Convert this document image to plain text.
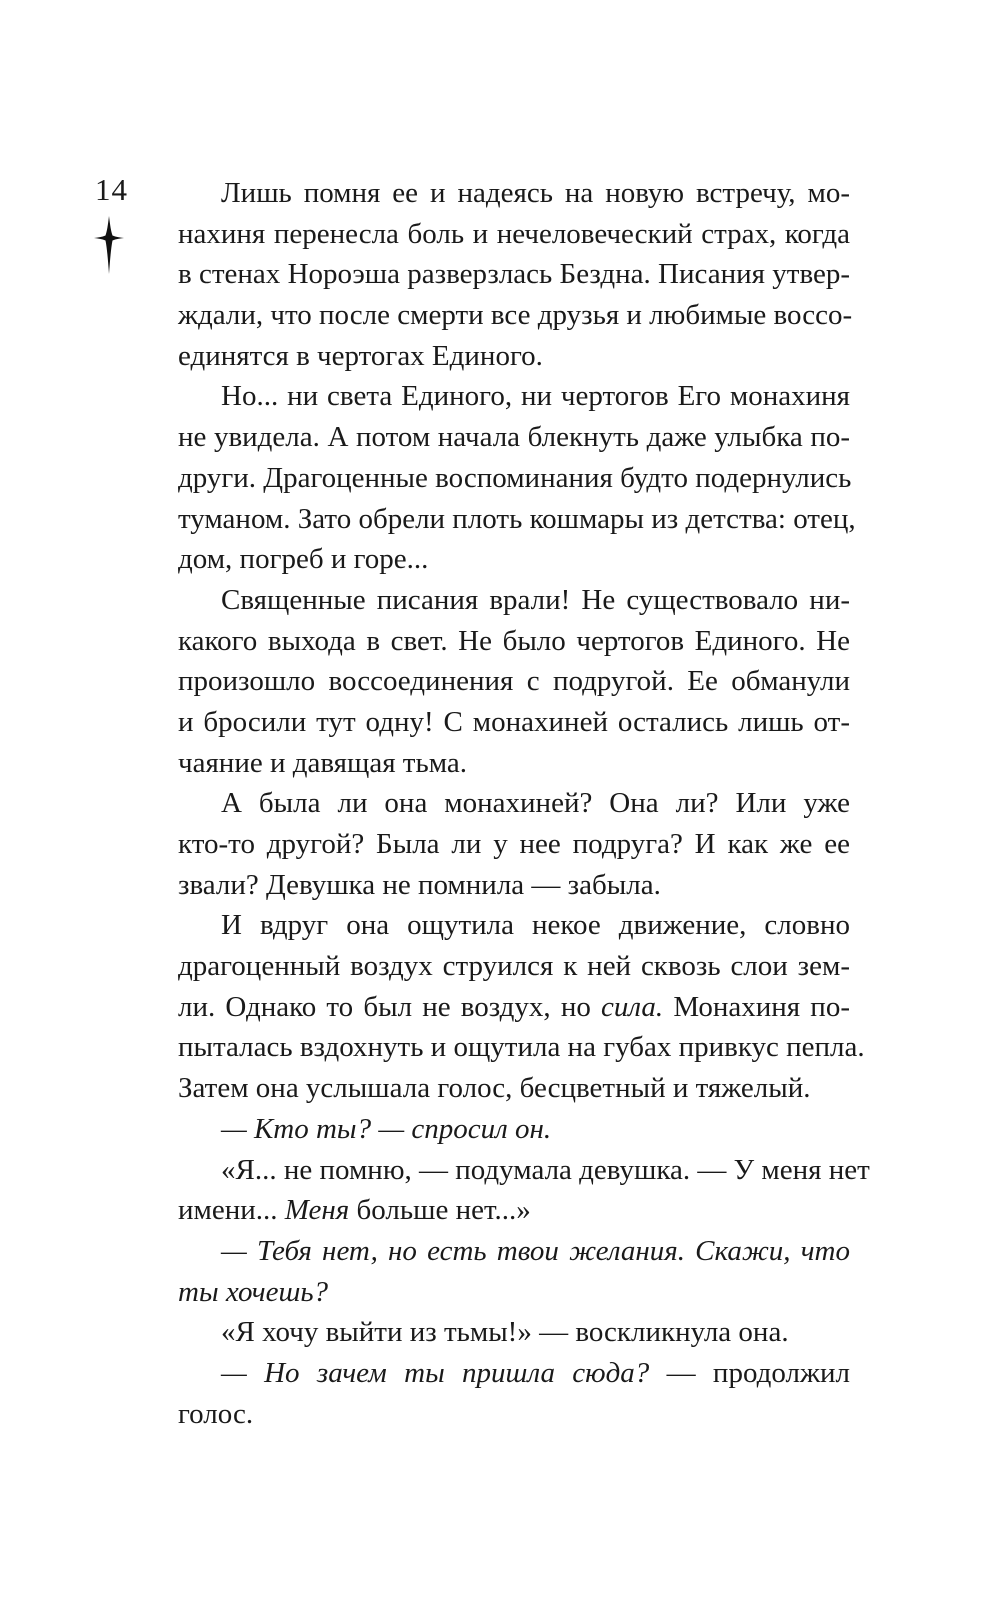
14	Лишь помня ее и надеясь на новую встречу, мо-
нахиня перенесла боль и нечеловеческий страх, когда
в стенах Нороэша разверзлась Бездна. Писания утвер-
ждали, что после смерти все друзья и любимые воссо-
единятся в чертогах Единого.
Но... ни света Единого, ни чертогов Его монахиня
не увидела. А потом начала блекнуть даже улыбка по-
други. Драгоценные воспоминания будто подернулись
туманом. Зато обрели плоть кошмары из детства: отец,
дом, погреб и горе...
Священные писания врали! Не существовало ни-
какого выхода в свет. Не было чертогов Единого. Не
произошло воссоединения с подругой. Ее обманули
и бросили тут одну! С монахиней остались лишь от-
чаяние и давящая тьма.
А была ли она монахиней? Она ли? Или уже
кто-то другой? Была ли у нее подруга? И как же ее
звали? Девушка не помнила — забыла.
И вдруг она ощутила некое движение, словно
драгоценный воздух струился к ней сквозь слои зем-
ли. Однако то был не воздух, но сила. Монахиня по-
пыталась вздохнуть и ощутила на губах привкус пепла.
Затем она услышала голос, бесцветный и тяжелый.
— Кто ты? — спросил он.
«Я... не помню, — подумала девушка. — У меня нет
имени... Меня больше нет...»
— Тебя нет, но есть твои желания. Скажи, что
ты хочешь?
«Я хочу выйти из тьмы!» — воскликнула она.
— Но зачем ты пришла сюда? — продолжил
голос.
